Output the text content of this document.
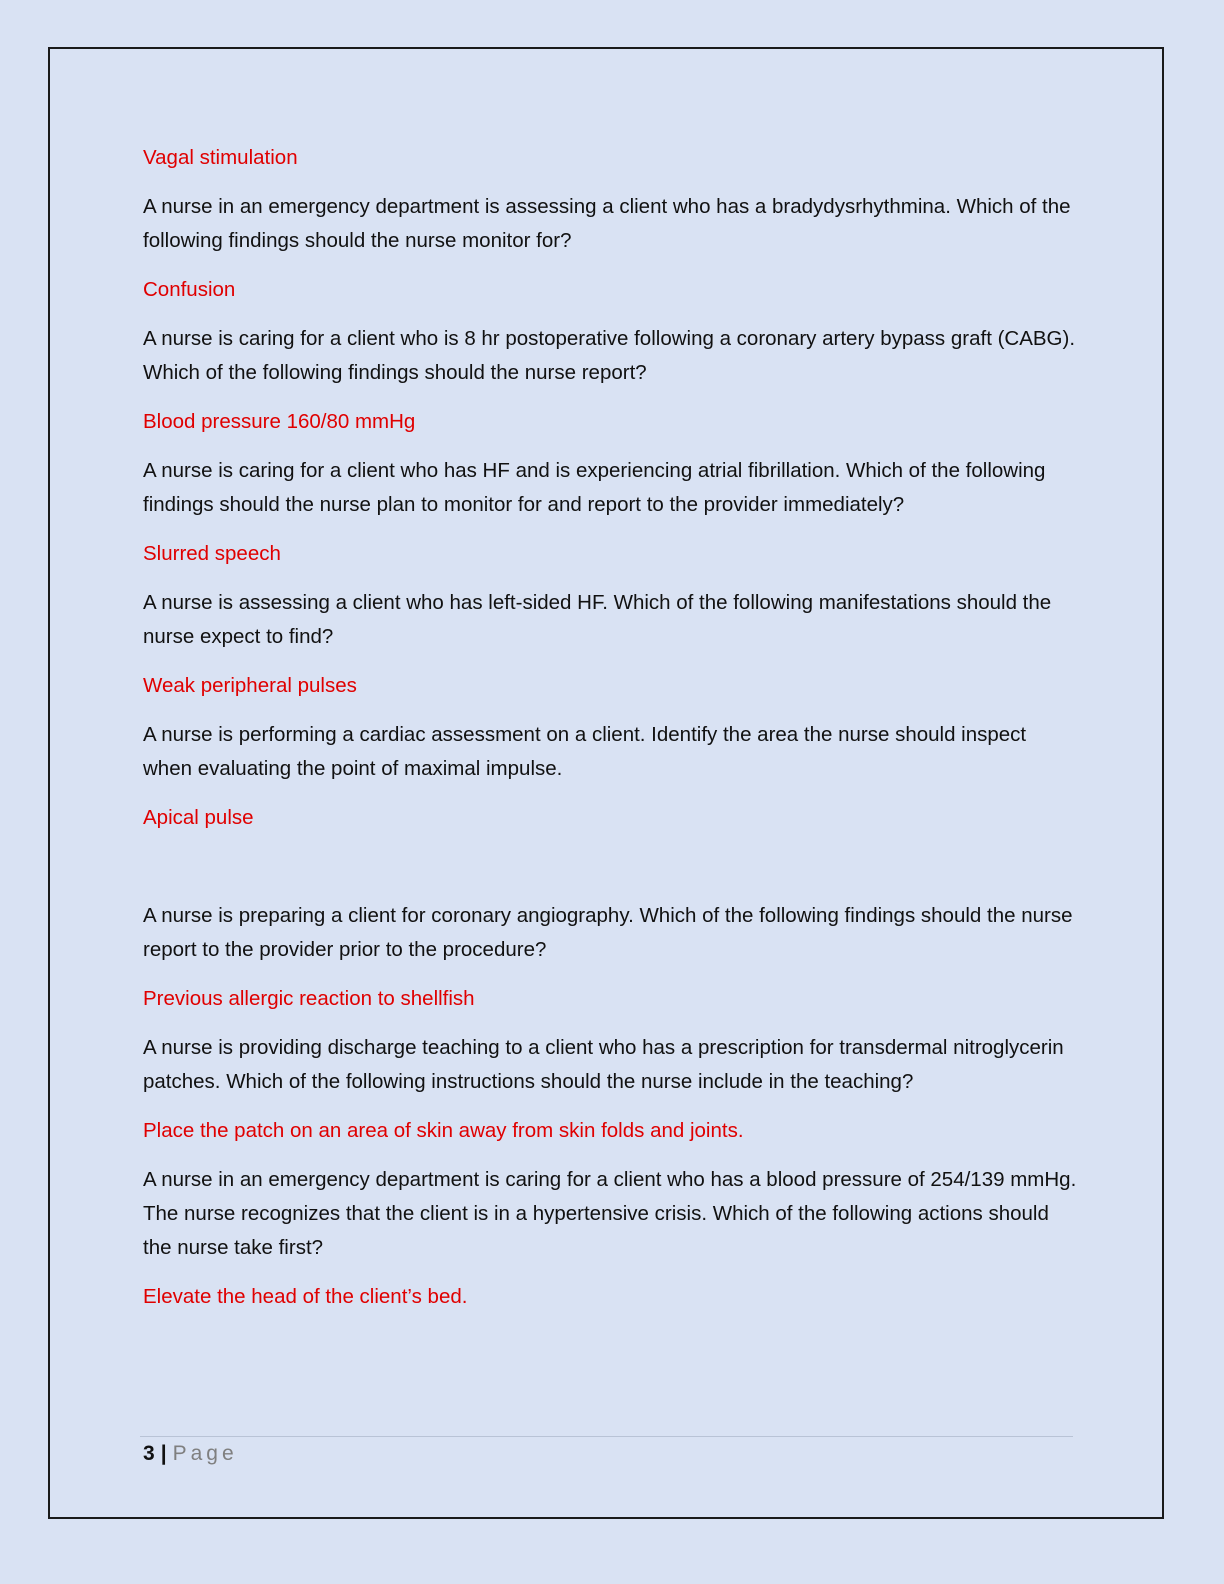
Vagal stimulation

A nurse in an emergency department is assessing a client who has a bradydysrhythmina. Which of the following findings should the nurse monitor for?

Confusion

A nurse is caring for a client who is 8 hr postoperative following a coronary artery bypass graft (CABG). Which of the following findings should the nurse report?

Blood pressure 160/80 mmHg

A nurse is caring for a client who has HF and is experiencing atrial fibrillation. Which of the following findings should the nurse plan to monitor for and report to the provider immediately?

Slurred speech

A nurse is assessing a client who has left-sided HF. Which of the following manifestations should the nurse expect to find?

Weak peripheral pulses

A nurse is performing a cardiac assessment on a client. Identify the area the nurse should inspect when evaluating the point of maximal impulse.

Apical pulse

A nurse is preparing a client for coronary angiography. Which of the following findings should the nurse report to the provider prior to the procedure?

Previous allergic reaction to shellfish

A nurse is providing discharge teaching to a client who has a prescription for transdermal nitroglycerin patches. Which of the following instructions should the nurse include in the teaching?

Place the patch on an area of skin away from skin folds and joints.

A nurse in an emergency department is caring for a client who has a blood pressure of 254/139 mmHg. The nurse recognizes that the client is in a hypertensive crisis. Which of the following actions should the nurse take first?

Elevate the head of the client’s bed.

3 | Page
